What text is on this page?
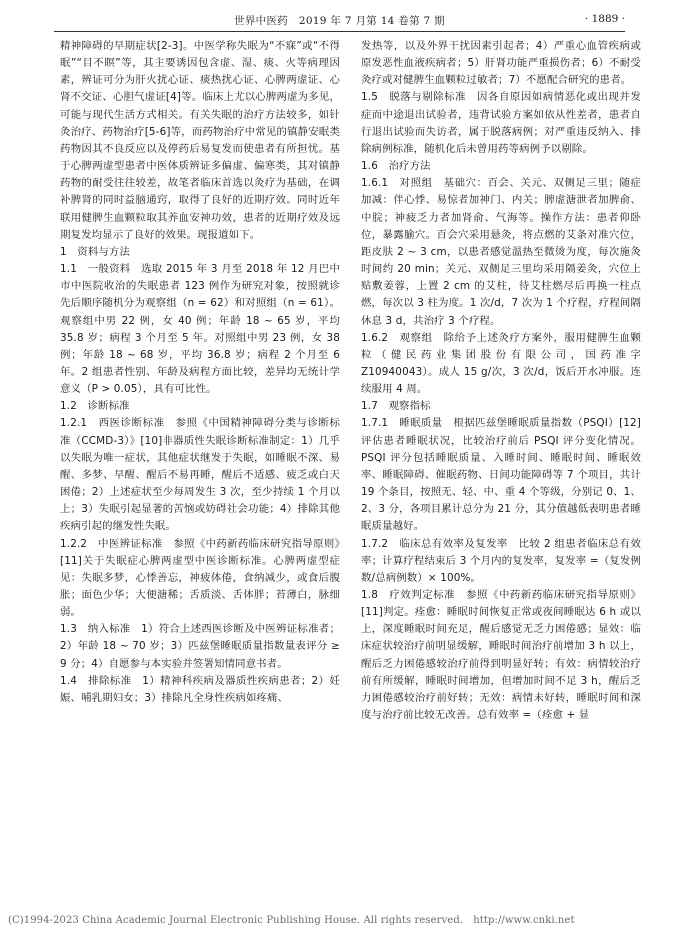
世界中医药　2019 年 7 月第 14 卷第 7 期	· 1889 ·

精神障碍的早期症状[2-3]。中医学称失眠为“不寐”或“不得眠”“目不瞑”等，其主要诱因包含虚、湿、痰、火等病理因素，辨证可分为肝火扰心证、痰热扰心证、心脾两虚证、心肾不交证、心胆气虚证[4]等。临床上尤以心脾两虚为多见，可能与现代生活方式相关。有关失眠的治疗方法较多，如针灸治疗、药物治疗[5-6]等，而药物治疗中常见的镇静安眠类药物因其不良反应以及停药后易复发而使患者有所担忧。基于心脾两虚型患者中医体质辨证多偏虚、偏寒类，其对镇静药物的耐受往往较差，故笔者临床首选以灸疗为基础，在调补脾肾的同时益脑通窍，取得了良好的近期疗效。同时近年联用健脾生血颗粒取其养血安神功效，患者的近期疗效及远期复发均显示了良好的效果。现报道如下。

1　资料与方法

1.1　一般资料　选取 2015 年 3 月至 2018 年 12 月巴中市中医院收治的失眠患者 123 例作为研究对象，按照就诊先后顺序随机分为观察组（n = 62）和对照组（n = 61）。观察组中男 22 例，女 40 例；年龄 18 ~ 65 岁，平均 35.8 岁；病程 3 个月至 5 年。对照组中男 23 例，女 38 例；年龄 18 ~ 68 岁，平均 36.8 岁；病程 2 个月至 6 年。2 组患者性别、年龄及病程方面比较，差异均无统计学意义（P > 0.05），具有可比性。

1.2　诊断标准

1.2.1　西医诊断标准　参照《中国精神障碍分类与诊断标准（CCMD-3）》[10]非器质性失眠诊断标准制定：1）几乎以失眠为唯一症状，其他症状继发于失眠，如睡眠不深、易醒、多梦、早醒、醒后不易再睡，醒后不适感、疲乏或白天困倦；2）上述症状至少每周发生 3 次，至少持续 1 个月以上；3）失眠引起显著的苦恼或妨碍社会功能；4）排除其他疾病引起的继发性失眠。

1.2.2　中医辨证标准　参照《中药新药临床研究指导原则》[11]关于失眠症心脾两虚型中医诊断标准。心脾两虚型症见：失眠多梦，心悸善忘，神疲体倦，食纳减少，或食后腹胀；面色少华；大便溏稀；舌质淡、舌体胖；苔薄白，脉细弱。

1.3　纳入标准　1）符合上述西医诊断及中医辨证标准者；2）年龄 18 ~ 70 岁；3）匹兹堡睡眠质量指数量表评分 ≥ 9 分；4）自愿参与本实验并签署知情同意书者。

1.4　排除标准　1）精神科疾病及器质性疾病患者；2）妊娠、哺乳期妇女；3）排除凡全身性疾病如疼痛、

发热等，以及外界干扰因素引起者；4）严重心血管疾病或原发恶性血液疾病者；5）肝肾功能严重损伤者；6）不耐受灸疗或对健脾生血颗粒过敏者；7）不愿配合研究的患者。

1.5　脱落与剔除标准　因各自原因如病情恶化或出现并发症而中途退出试验者，违背试验方案如依从性差者，患者自行退出试验而失访者，属于脱落病例；对严重违反纳入、排除病例标准，随机化后未曾用药等病例予以剔除。

1.6　治疗方法

1.6.1　对照组　基础穴：百会、关元、双侧足三里；随症加减：伴心悸、易惊者加神门、内关；脾虚溏泄者加脾俞、中脘；神疲乏力者加肾俞、气海等。操作方法：患者仰卧位，暴露腧穴。百会穴采用悬灸，将点燃的艾条对准穴位，距皮肤 2 ~ 3 cm，以患者感觉温热至微烫为度，每次施灸时间约 20 min；关元、双侧足三里均采用隔姜灸，穴位上贴敷姜蓉，上置 2 cm 的艾柱，待艾柱燃尽后再换一柱点燃，每次以 3 柱为度。1 次/d，7 次为 1 个疗程，疗程间隔休息 3 d，共治疗 3 个疗程。

1.6.2　观察组　除给予上述灸疗方案外，服用健脾生血颗粒（健民药业集团股份有限公司，国药准字 Z10940043）。成人 15 g/次，3 次/d，饭后开水冲服。连续服用 4 周。

1.7　观察指标

1.7.1　睡眠质量　根据匹兹堡睡眠质量指数（PSQI）[12]评估患者睡眠状况，比较治疗前后 PSQI 评分变化情况。PSQI 评分包括睡眠质量、入睡时间、睡眠时间、睡眠效率、睡眠障碍、催眠药物、日间功能障碍等 7 个项目，共计 19 个条目，按照无、轻、中、重 4 个等级，分别记 0、1、2、3 分，各项目累计总分为 21 分，其分值越低表明患者睡眠质量越好。

1.7.2　临床总有效率及复发率　比较 2 组患者临床总有效率；计算疗程结束后 3 个月内的复发率，复发率 =（复发例数/总病例数）× 100%。

1.8　疗效判定标准　参照《中药新药临床研究指导原则》[11]判定。痊愈：睡眠时间恢复正常或夜间睡眠达 6 h 或以上，深度睡眠时间充足，醒后感觉无乏力困倦感；显效：临床症状较治疗前明显缓解，睡眠时间治疗前增加 3 h 以上，醒后乏力困倦感较治疗前得到明显好转；有效：病情较治疗前有所缓解，睡眠时间增加，但增加时间不足 3 h，醒后乏力困倦感较治疗前好转；无效：病情未好转，睡眠时间和深度与治疗前比较无改善。总有效率 =（痊愈 + 显

(C)1994-2023 China Academic Journal Electronic Publishing House. All rights reserved.　http://www.cnki.net
